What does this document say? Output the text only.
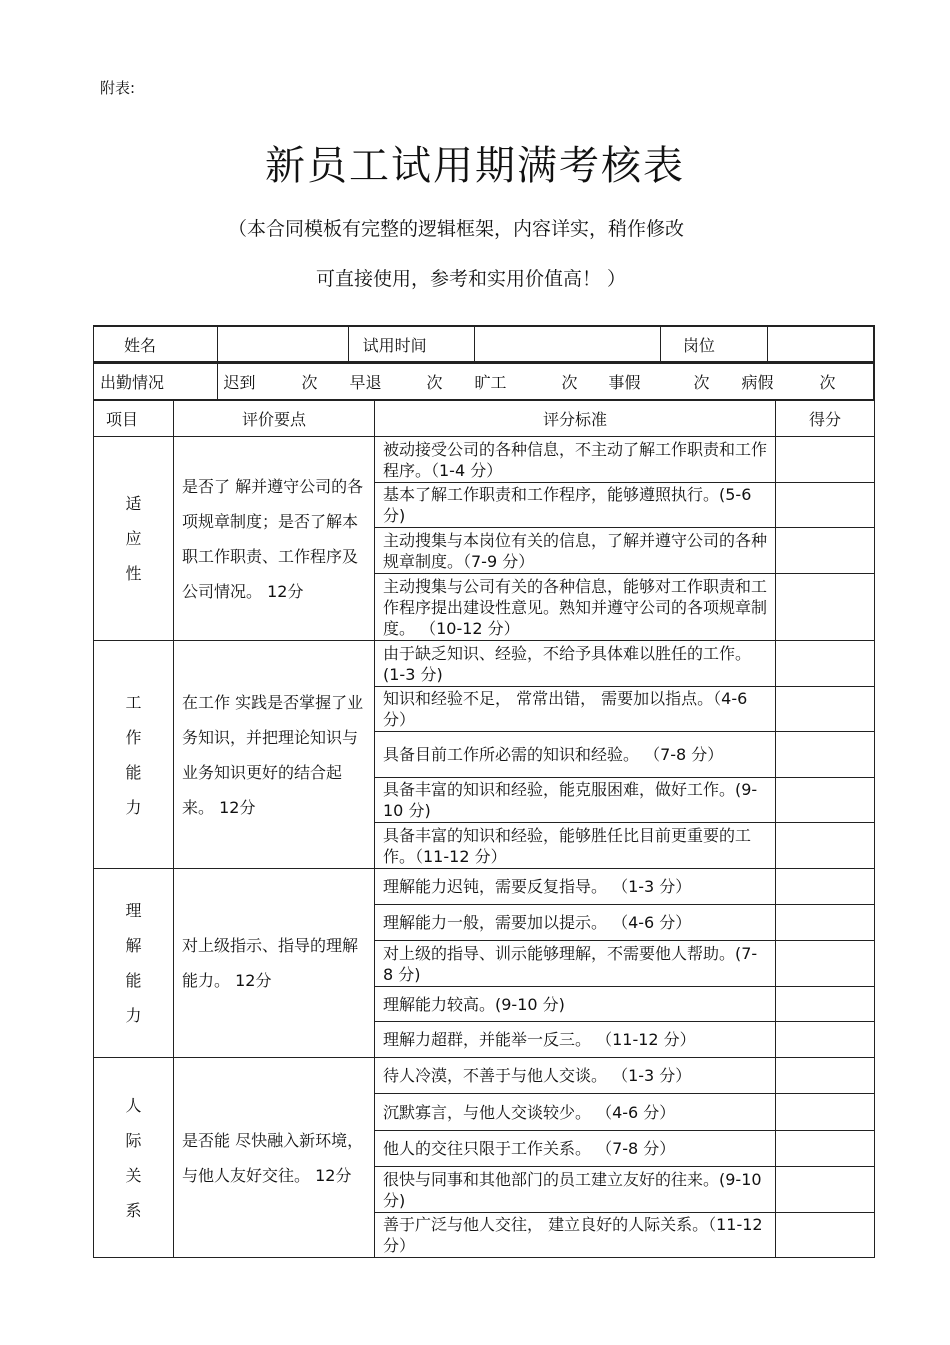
附表:
新员工试用期满考核表
（本合同模板有完整的逻辑框架，内容详实，稍作修改
可直接使用，参考和实用价值高！ ）
姓名		试用时间		岗位	

出勤情况	迟到	次 早退	次 旷工	次 事假	次 病假	次

项目	评价要点	评分标准	得分

适
应
性
	是否了 解并遵守公司的各项规章制度；是否了解本职工作职责、工作程序及公司情况。 12分	被动接受公司的各种信息，不主动了解工作职责和工作程序。（1-4 分）	
基本了解工作职责和工作程序，能够遵照执行。(5-6 分)	
主动搜集与本岗位有关的信息，了解并遵守公司的各种规章制度。（7-9 分）	
主动搜集与公司有关的各种信息，能够对工作职责和工作程序提出建设性意见。熟知并遵守公司的各项规章制度。 （10-12 分）	

工
作
能
力
	在工作 实践是否掌握了业务知识，并把理论知识与业务知识更好的结合起来。 12分	由于缺乏知识、经验，不给予具体难以胜任的工作。(1-3 分)	
知识和经验不足， 常常出错， 需要加以指点。（4-6 分）	
具备目前工作所必需的知识和经验。 （7-8 分）	
具备丰富的知识和经验，能克服困难，做好工作。(9-10 分)	
具备丰富的知识和经验，能够胜任比目前更重要的工作。（11-12 分）	

理
解
能
力
	对上级指示、指导的理解能力。 12分	理解能力迟钝，需要反复指导。 （1-3 分）	
理解能力一般，需要加以提示。 （4-6 分）	
对上级的指导、训示能够理解，不需要他人帮助。(7-8 分)	
理解能力较高。(9-10 分)	
理解力超群，并能举一反三。 （11-12 分）	

人
际
关
系
	是否能 尽快融入新环境，与他人友好交往。 12分	待人冷漠，不善于与他人交谈。 （1-3 分）	
沉默寡言，与他人交谈较少。 （4-6 分）	
他人的交往只限于工作关系。 （7-8 分）	
很快与同事和其他部门的员工建立友好的往来。(9-10 分)	
善于广泛与他人交往， 建立良好的人际关系。（11-12 分）	
